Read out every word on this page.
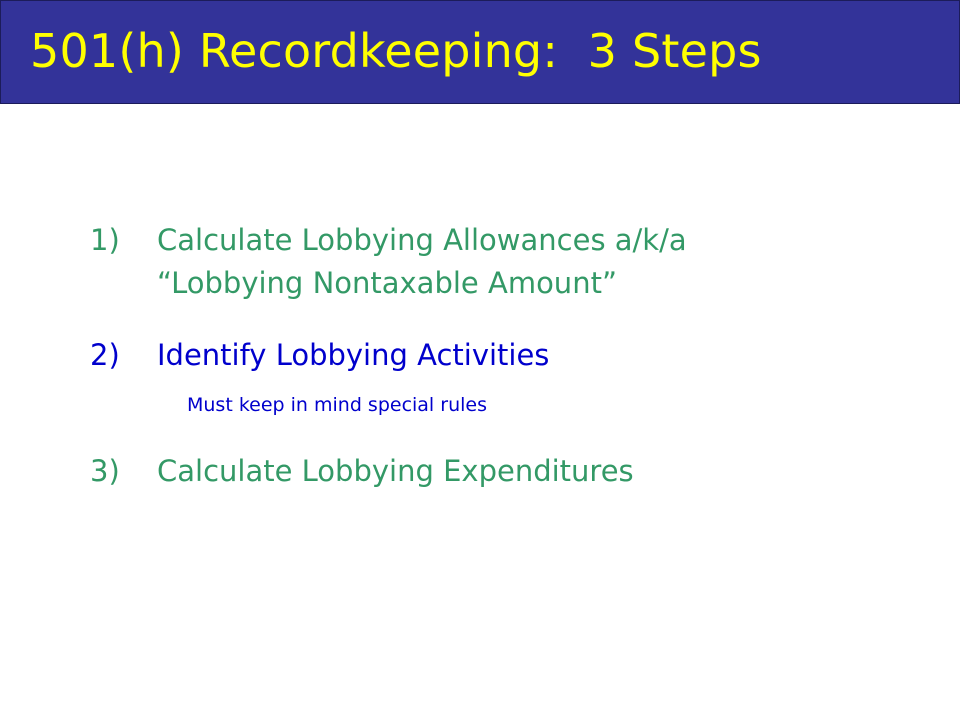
501(h) Recordkeeping:  3 Steps
1) Calculate Lobbying Allowances a/k/a
“Lobbying Nontaxable Amount”
2) Identify Lobbying Activities
Must keep in mind special rules
3) Calculate Lobbying Expenditures
